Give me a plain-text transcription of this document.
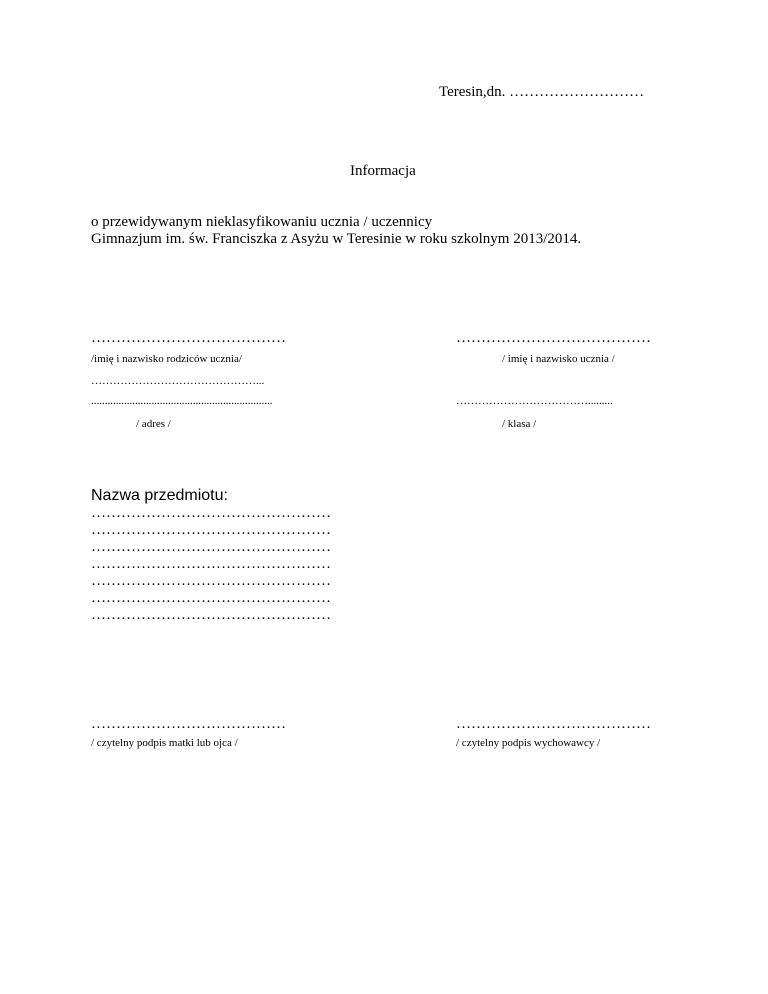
Teresin,dn. ………………………
Informacja
o przewidywanym nieklasyfikowaniu ucznia / uczennicy
Gimnazjum im. św. Franciszka z Asyżu w Teresinie w roku szkolnym 2013/2014.
…………………………………
/imię i nazwisko rodziców ucznia/
………………………………………...
..................................................................
/ adres /
…………………………………
/ imię i nazwisko ucznia /
……………………………….........
/ klasa /
Nazwa przedmiotu:
…………………………………………
…………………………………………
…………………………………………
…………………………………………
…………………………………………
…………………………………………
…………………………………………
…………………………………
/ czytelny podpis matki lub ojca /
…………………………………
/ czytelny podpis wychowawcy /
